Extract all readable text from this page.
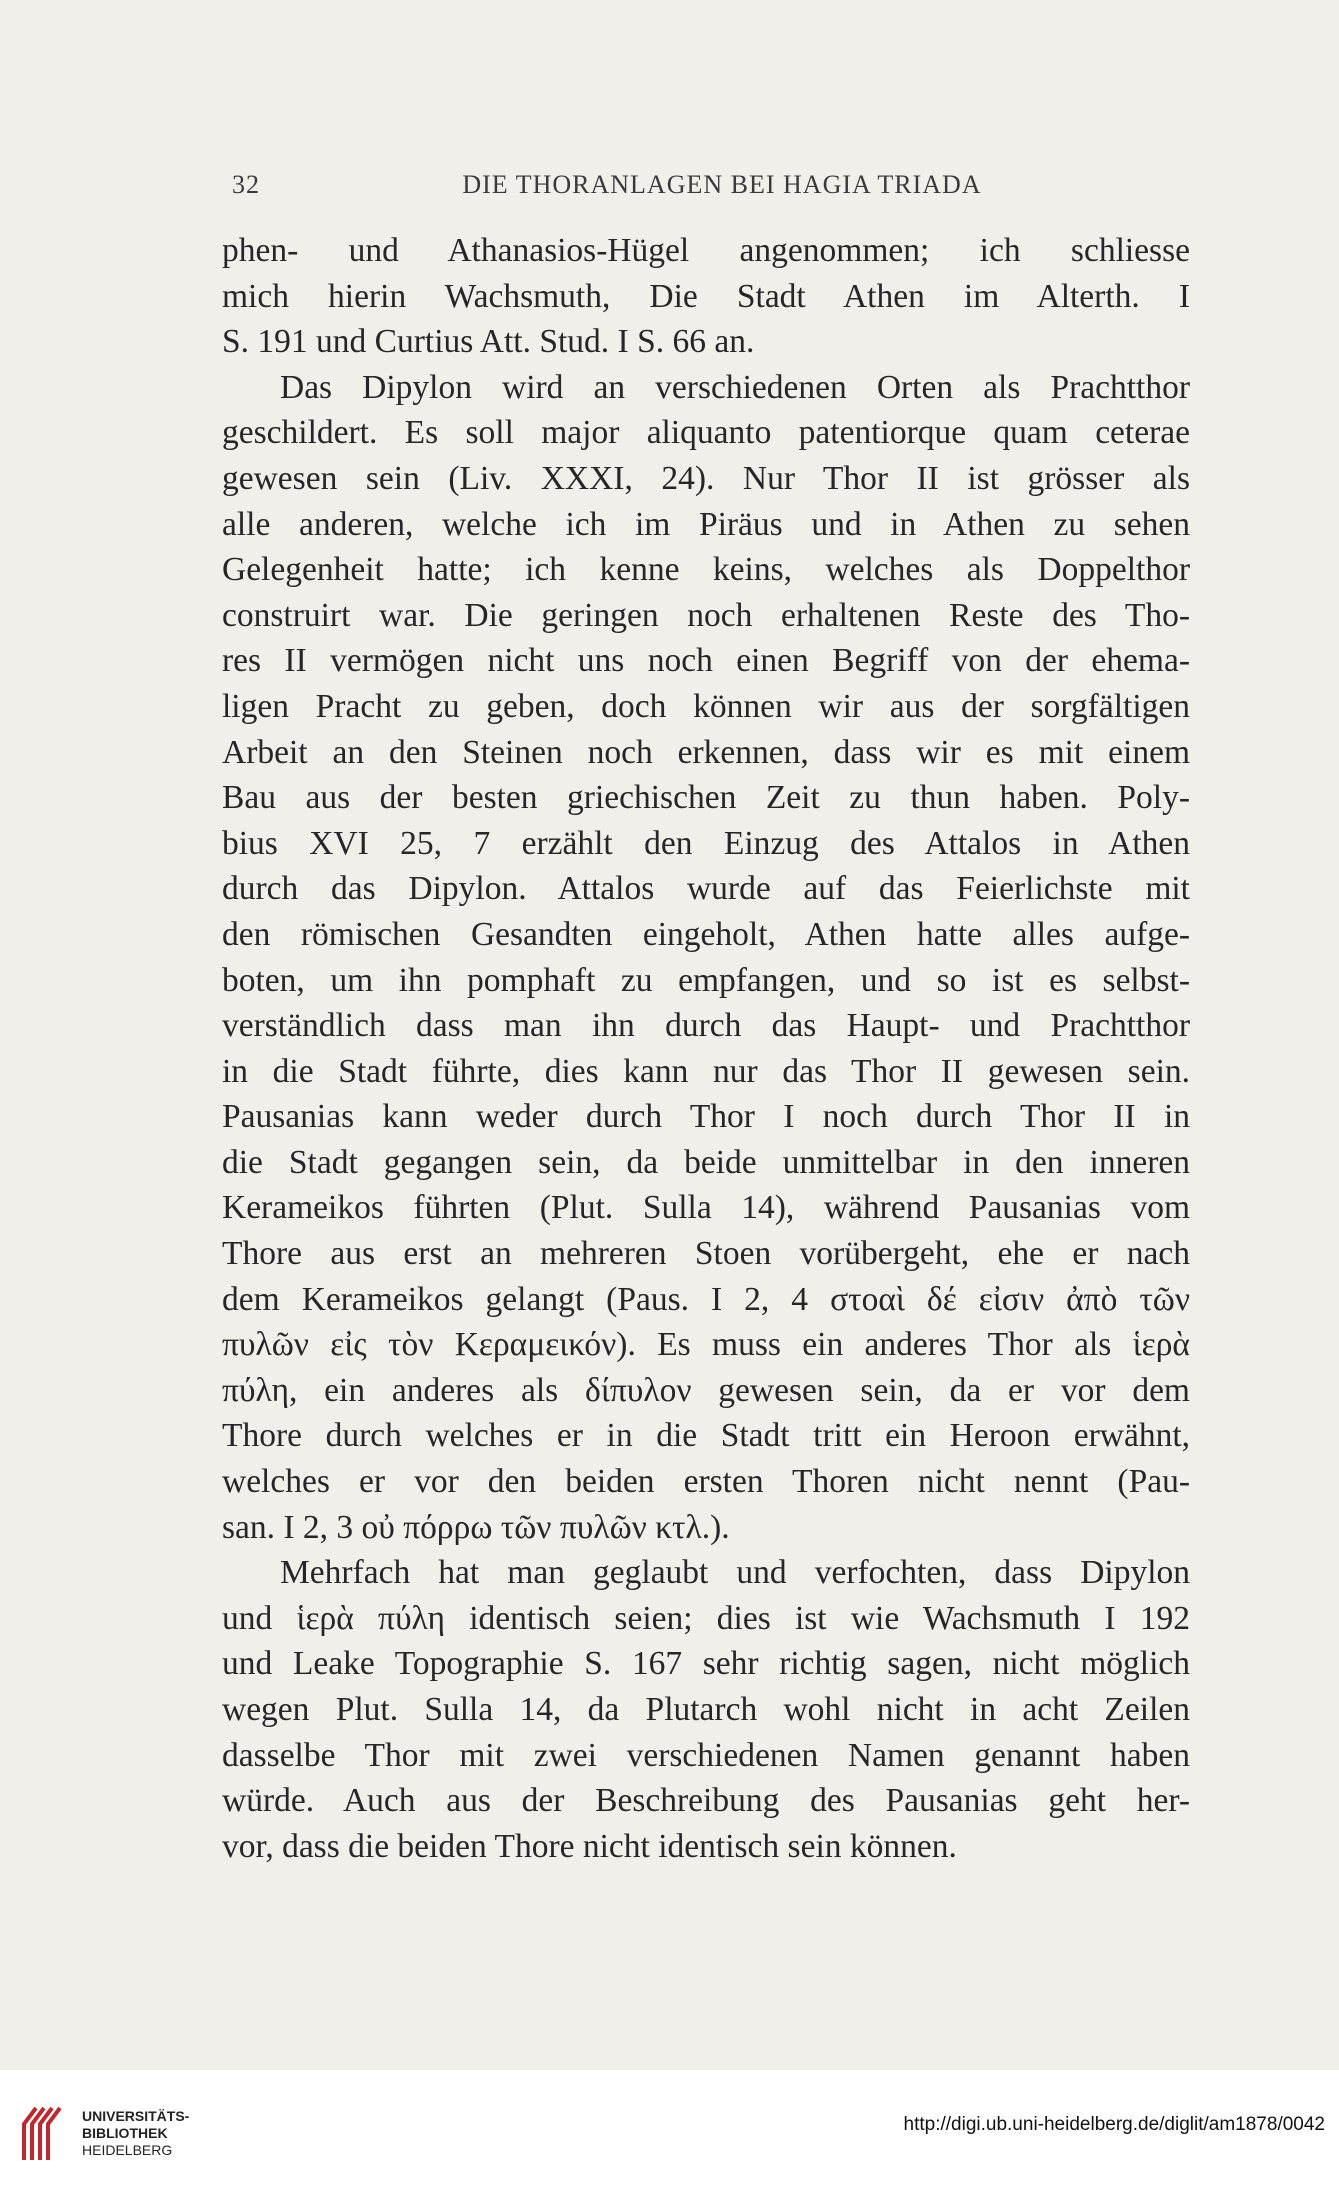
32	DIE THORANLAGEN BEI HAGIA TRIADA

phen- und Athanasios-Hügel angenommen; ich schliesse
mich hierin Wachsmuth, Die Stadt Athen im Alterth. I
S. 191 und Curtius Att. Stud. I S. 66 an.

Das Dipylon wird an verschiedenen Orten als Prachtthor
geschildert. Es soll major aliquanto patentiorque quam ceterae
gewesen sein (Liv. XXXI, 24). Nur Thor II ist grösser als
alle anderen, welche ich im Piräus und in Athen zu sehen
Gelegenheit hatte; ich kenne keins, welches als Doppelthor
construirt war. Die geringen noch erhaltenen Reste des Tho-
res II vermögen nicht uns noch einen Begriff von der ehema-
ligen Pracht zu geben, doch können wir aus der sorgfältigen
Arbeit an den Steinen noch erkennen, dass wir es mit einem
Bau aus der besten griechischen Zeit zu thun haben. Poly-
bius XVI 25, 7 erzählt den Einzug des Attalos in Athen
durch das Dipylon. Attalos wurde auf das Feierlichste mit
den römischen Gesandten eingeholt, Athen hatte alles aufge-
boten, um ihn pomphaft zu empfangen, und so ist es selbst-
verständlich dass man ihn durch das Haupt- und Prachtthor
in die Stadt führte, dies kann nur das Thor II gewesen sein.
Pausanias kann weder durch Thor I noch durch Thor II in
die Stadt gegangen sein, da beide unmittelbar in den inneren
Kerameikos führten (Plut. Sulla 14), während Pausanias vom
Thore aus erst an mehreren Stoen vorübergeht, ehe er nach
dem Kerameikos gelangt (Paus. I 2, 4 στοαὶ δέ εἰσιν ἀπὸ τῶν
πυλῶν εἰς τὸν Κεραμεικόν). Es muss ein anderes Thor als ἱερὰ
πύλη, ein anderes als δίπυλον gewesen sein, da er vor dem
Thore durch welches er in die Stadt tritt ein Heroon erwähnt,
welches er vor den beiden ersten Thoren nicht nennt (Pau-
san. I 2, 3 οὐ πόρρω τῶν πυλῶν κτλ.).

Mehrfach hat man geglaubt und verfochten, dass Dipylon
und ἱερὰ πύλη identisch seien; dies ist wie Wachsmuth I 192
und Leake Topographie S. 167 sehr richtig sagen, nicht möglich
wegen Plut. Sulla 14, da Plutarch wohl nicht in acht Zeilen
dasselbe Thor mit zwei verschiedenen Namen genannt haben
würde. Auch aus der Beschreibung des Pausanias geht her-
vor, dass die beiden Thore nicht identisch sein können.

UNIVERSITÄTS-
BIBLIOTHEK
HEIDELBERG
http://digi.ub.uni-heidelberg.de/diglit/am1878/0042
